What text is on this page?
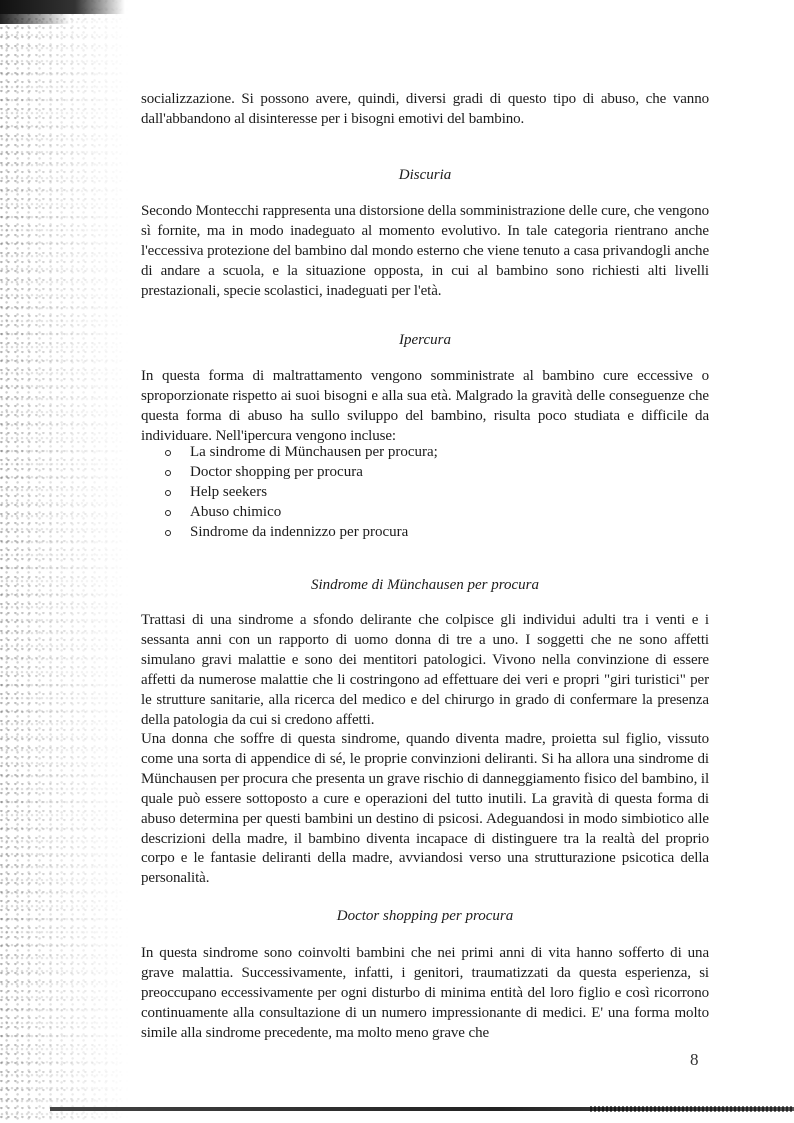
socializzazione. Si possono avere, quindi, diversi gradi di questo tipo di abuso, che vanno dall'abbandono al disinteresse per i bisogni emotivi del bambino.

Discuria

Secondo Montecchi rappresenta una distorsione della somministrazione delle cure, che vengono sì fornite, ma in modo inadeguato al momento evolutivo. In tale categoria rientrano anche l'eccessiva protezione del bambino dal mondo esterno che viene tenuto a casa privandogli anche di andare a scuola, e la situazione opposta, in cui al bambino sono richiesti alti livelli prestazionali, specie scolastici, inadeguati per l'età.

Ipercura

In questa forma di maltrattamento vengono somministrate al bambino cure eccessive o sproporzionate rispetto ai suoi bisogni e alla sua età. Malgrado la gravità delle conseguenze che questa forma di abuso ha sullo sviluppo del bambino, risulta poco studiata e difficile da individuare. Nell'ipercura vengono incluse:

La sindrome di Münchausen per procura;
Doctor shopping per procura
Help seekers
Abuso chimico
Sindrome da indennizzo per procura
Sindrome di Münchausen per procura

Trattasi di una sindrome a sfondo delirante che colpisce gli individui adulti tra i venti e i sessanta anni con un rapporto di uomo donna di tre a uno. I soggetti che ne sono affetti simulano gravi malattie e sono dei mentitori patologici. Vivono nella convinzione di essere affetti da numerose malattie che li costringono ad effettuare dei veri e propri "giri turistici" per le strutture sanitarie, alla ricerca del medico e del chirurgo in grado di confermare la presenza della patologia da cui si credono affetti.

Una donna che soffre di questa sindrome, quando diventa madre, proietta sul figlio, vissuto come una sorta di appendice di sé, le proprie convinzioni deliranti. Si ha allora una sindrome di Münchausen per procura che presenta un grave rischio di danneggiamento fisico del bambino, il quale può essere sottoposto a cure e operazioni del tutto inutili. La gravità di questa forma di abuso determina per questi bambini un destino di psicosi. Adeguandosi in modo simbiotico alle descrizioni della madre, il bambino diventa incapace di distinguere tra la realtà del proprio corpo e le fantasie deliranti della madre, avviandosi verso una strutturazione psicotica della personalità.

Doctor shopping per procura

In questa sindrome sono coinvolti bambini che nei primi anni di vita hanno sofferto di una grave malattia. Successivamente, infatti, i genitori, traumatizzati da questa esperienza, si preoccupano eccessivamente per ogni disturbo di minima entità del loro figlio e così ricorrono continuamente alla consultazione di un numero impressionante di medici. E' una forma molto simile alla sindrome precedente, ma molto meno grave che

8
